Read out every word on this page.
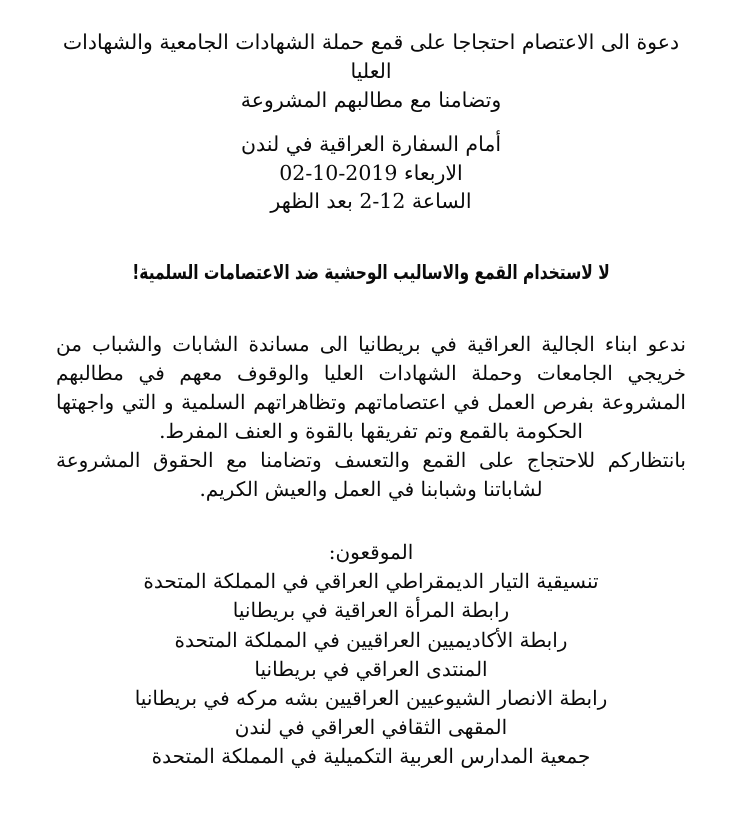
دعوة الى الاعتصام احتجاجا على قمع حملة الشهادات الجامعية والشهادات العليا
وتضامنا مع مطالبهم المشروعة
أمام السفارة العراقية في لندن
الاربعاء 2019-10-02
الساعة 12-2 بعد الظهر
لا لاستخدام القمع والاساليب الوحشية ضد الاعتصامات السلمية!

ندعو ابناء الجالية العراقية في بريطانيا الى مساندة الشابات والشباب من خريجي الجامعات وحملة الشهادات العليا والوقوف معهم في مطالبهم المشروعة بفرص العمل في اعتصاماتهم وتظاهراتهم السلمية و التي واجهتها الحكومة بالقمع وتم تفريقها بالقوة و العنف المفرط.

بانتظاركم للاحتجاج على القمع والتعسف وتضامنا مع الحقوق المشروعة لشاباتنا وشبابنا في العمل والعيش الكريم.

الموقعون:
تنسيقية التيار الديمقراطي العراقي في المملكة المتحدة
رابطة المرأة العراقية في بريطانيا
رابطة الأكاديميين العراقيين في المملكة المتحدة
المنتدى العراقي في بريطانيا
رابطة الانصار الشيوعيين العراقيين بشه مركه في بريطانيا
المقهى الثقافي العراقي في لندن
جمعية المدارس العربية التكميلية في المملكة المتحدة
